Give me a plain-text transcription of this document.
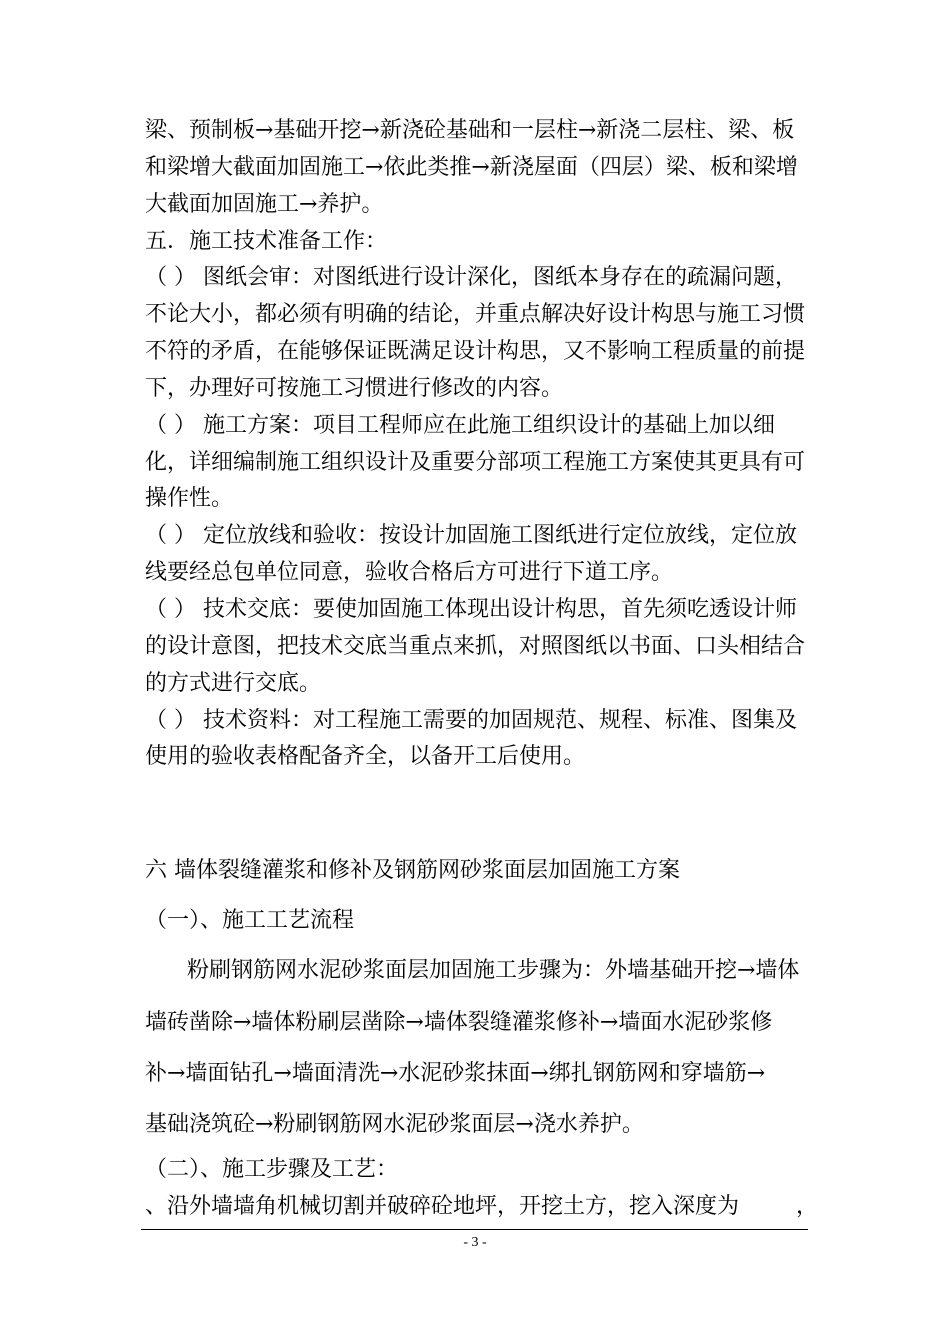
梁、预制板→基础开挖→新浇砼基础和一层柱→新浇二层柱、梁、板
和梁增大截面加固施工→依此类推→新浇屋面（四层）梁、板和梁增
大截面加固施工→养护。
五．施工技术准备工作：
（ ） 图纸会审：对图纸进行设计深化，图纸本身存在的疏漏问题，
不论大小，都必须有明确的结论，并重点解决好设计构思与施工习惯
不符的矛盾，在能够保证既满足设计构思，又不影响工程质量的前提
下，办理好可按施工习惯进行修改的内容。
（ ） 施工方案：项目工程师应在此施工组织设计的基础上加以细
化，详细编制施工组织设计及重要分部项工程施工方案使其更具有可
操作性。
（ ） 定位放线和验收：按设计加固施工图纸进行定位放线，定位放
线要经总包单位同意，验收合格后方可进行下道工序。
（ ） 技术交底：要使加固施工体现出设计构思，首先须吃透设计师
的设计意图，把技术交底当重点来抓，对照图纸以书面、口头相结合
的方式进行交底。
（ ） 技术资料：对工程施工需要的加固规范、规程、标准、图集及
使用的验收表格配备齐全，以备开工后使用。
六 墙体裂缝灌浆和修补及钢筋网砂浆面层加固施工方案
（一）、施工工艺流程
粉刷钢筋网水泥砂浆面层加固施工步骤为：外墙基础开挖→墙体
墙砖凿除→墙体粉刷层凿除→墙体裂缝灌浆修补→墙面水泥砂浆修
补→墙面钻孔→墙面清洗→水泥砂浆抹面→绑扎钢筋网和穿墙筋→
基础浇筑砼→粉刷钢筋网水泥砂浆面层→浇水养护。
（二）、施工步骤及工艺：
、沿外墙墙角机械切割并破碎砼地坪，开挖土方，挖入深度为	，
- 3 -
